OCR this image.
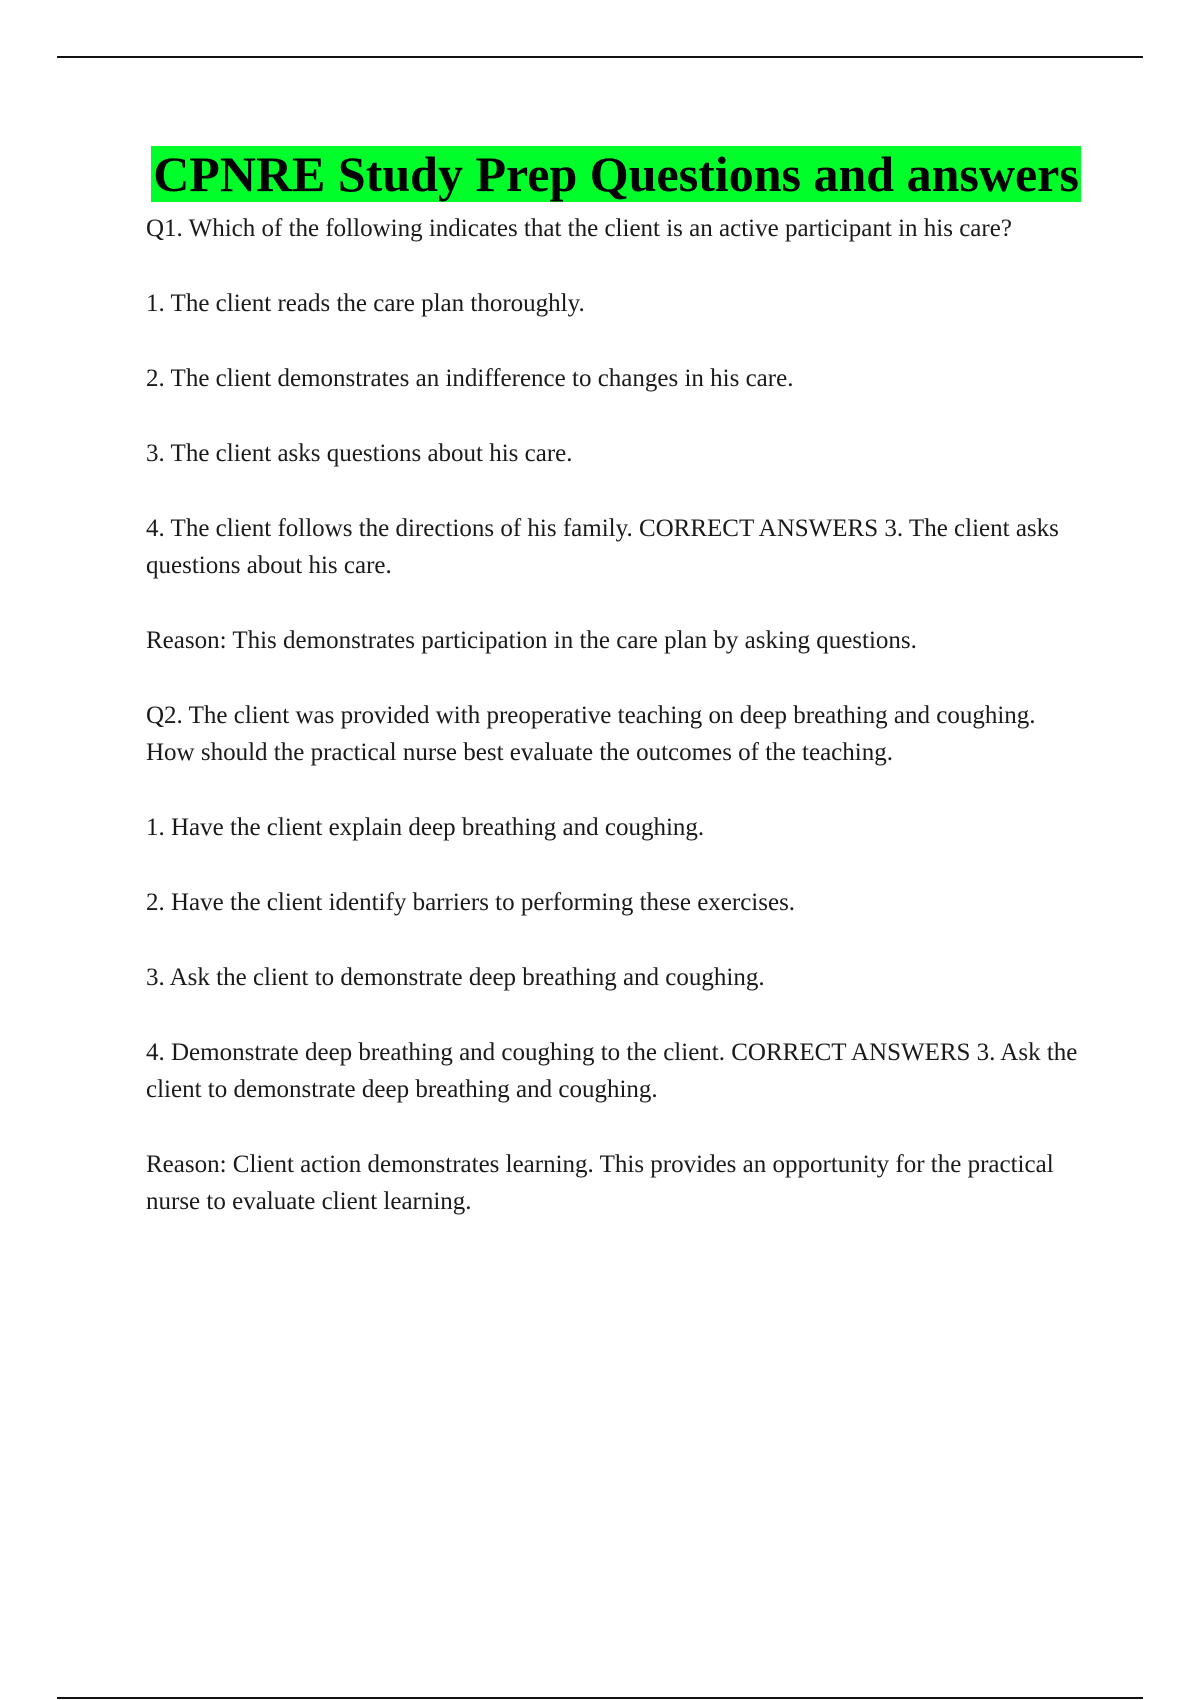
CPNRE Study Prep Questions and answers

Q1. Which of the following indicates that the client is an active participant in his care?

1. The client reads the care plan thoroughly.

2. The client demonstrates an indifference to changes in his care.

3. The client asks questions about his care.

4. The client follows the directions of his family. CORRECT ANSWERS 3. The client asks questions about his care.

Reason: This demonstrates participation in the care plan by asking questions.

Q2. The client was provided with preoperative teaching on deep breathing and coughing. How should the practical nurse best evaluate the outcomes of the teaching.

1. Have the client explain deep breathing and coughing.

2. Have the client identify barriers to performing these exercises.

3. Ask the client to demonstrate deep breathing and coughing.

4. Demonstrate deep breathing and coughing to the client. CORRECT ANSWERS 3. Ask the client to demonstrate deep breathing and coughing.

Reason: Client action demonstrates learning. This provides an opportunity for the practical nurse to evaluate client learning.
